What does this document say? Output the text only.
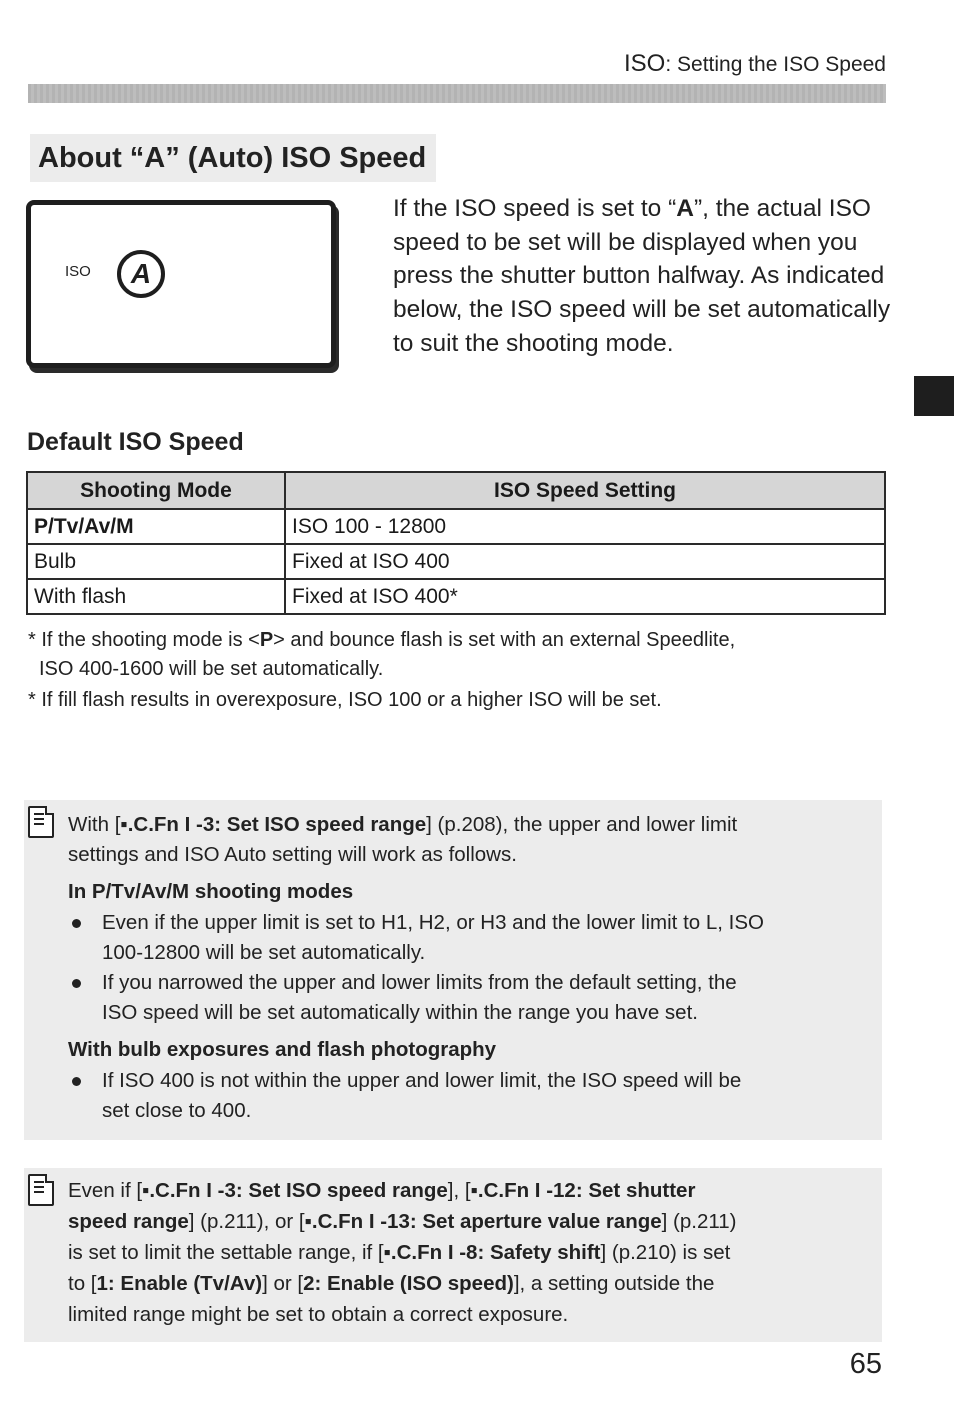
ISO: Setting the ISO Speed
About “A” (Auto) ISO Speed
ISO	A
If the ISO speed is set to “A”, the actual ISO speed to be set will be displayed when you press the shutter button halfway. As indicated below, the ISO speed will be set automatically to suit the shooting mode.
Default ISO Speed
Shooting Mode	ISO Speed Setting
P/Tv/Av/M	ISO 100 - 12800
Bulb	Fixed at ISO 400
With flash	Fixed at ISO 400*
* If the shooting mode is <P> and bounce flash is set with an external Speedlite,
ISO 400-1600 will be set automatically.
* If fill flash results in overexposure, ISO 100 or a higher ISO will be set.
With [▪.C.Fn I -3: Set ISO speed range] (p.208), the upper and lower limit
settings and ISO Auto setting will work as follows.
In P/Tv/Av/M shooting modes
Even if the upper limit is set to H1, H2, or H3 and the lower limit to L, ISO
100-12800 will be set automatically.
If you narrowed the upper and lower limits from the default setting, the
ISO speed will be set automatically within the range you have set.
With bulb exposures and flash photography
If ISO 400 is not within the upper and lower limit, the ISO speed will be
set close to 400.
Even if [▪.C.Fn I -3: Set ISO speed range], [▪.C.Fn I -12: Set shutter
speed range] (p.211), or [▪.C.Fn I -13: Set aperture value range] (p.211)
is set to limit the settable range, if [▪.C.Fn I -8: Safety shift] (p.210) is set
to [1: Enable (Tv/Av)] or [2: Enable (ISO speed)], a setting outside the
limited range might be set to obtain a correct exposure.
65
